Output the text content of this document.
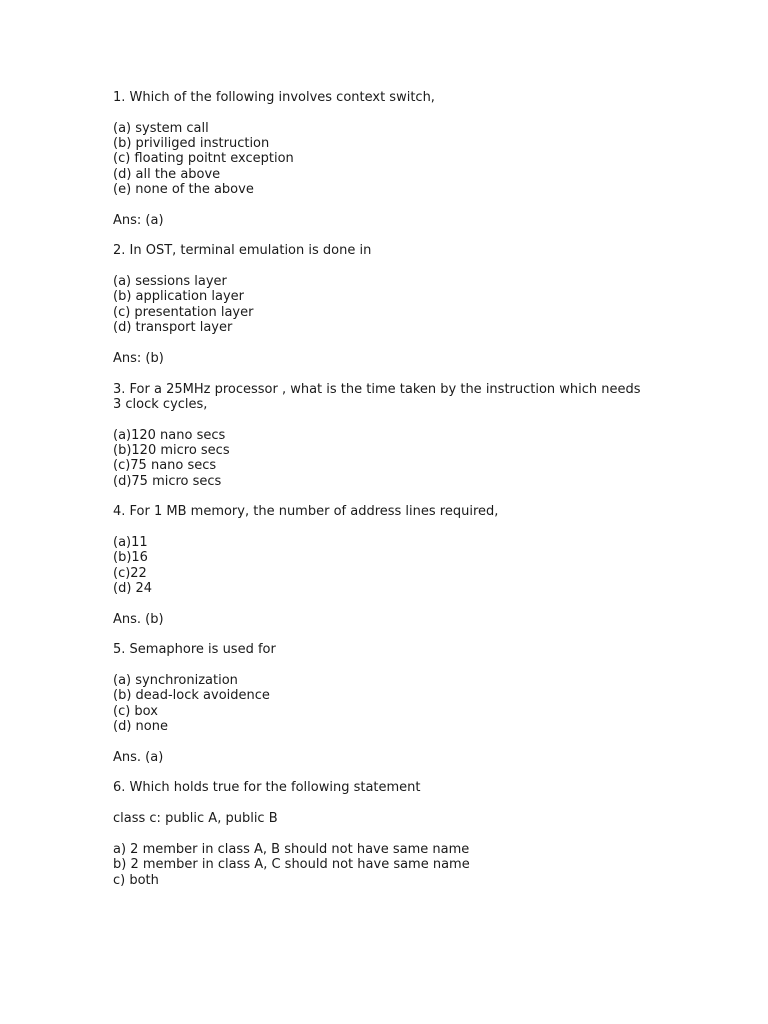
1. Which of the following involves context switch,

(a) system call

(b) priviliged instruction

(c) floating poitnt exception

(d) all the above

(e) none of the above

Ans: (a)

2. In OST, terminal emulation is done in

(a) sessions layer

(b) application layer

(c) presentation layer

(d) transport layer

Ans: (b)

3. For a 25MHz processor , what is the time taken by the instruction which needs

3 clock cycles,

(a)120 nano secs

(b)120 micro secs

(c)75 nano secs

(d)75 micro secs

4. For 1 MB memory, the number of address lines required,

(a)11

(b)16

(c)22

(d) 24

Ans. (b)

5. Semaphore is used for

(a) synchronization

(b) dead-lock avoidence

(c) box

(d) none

Ans. (a)

6. Which holds true for the following statement

class c: public A, public B

a) 2 member in class A, B should not have same name

b) 2 member in class A, C should not have same name

c) both
